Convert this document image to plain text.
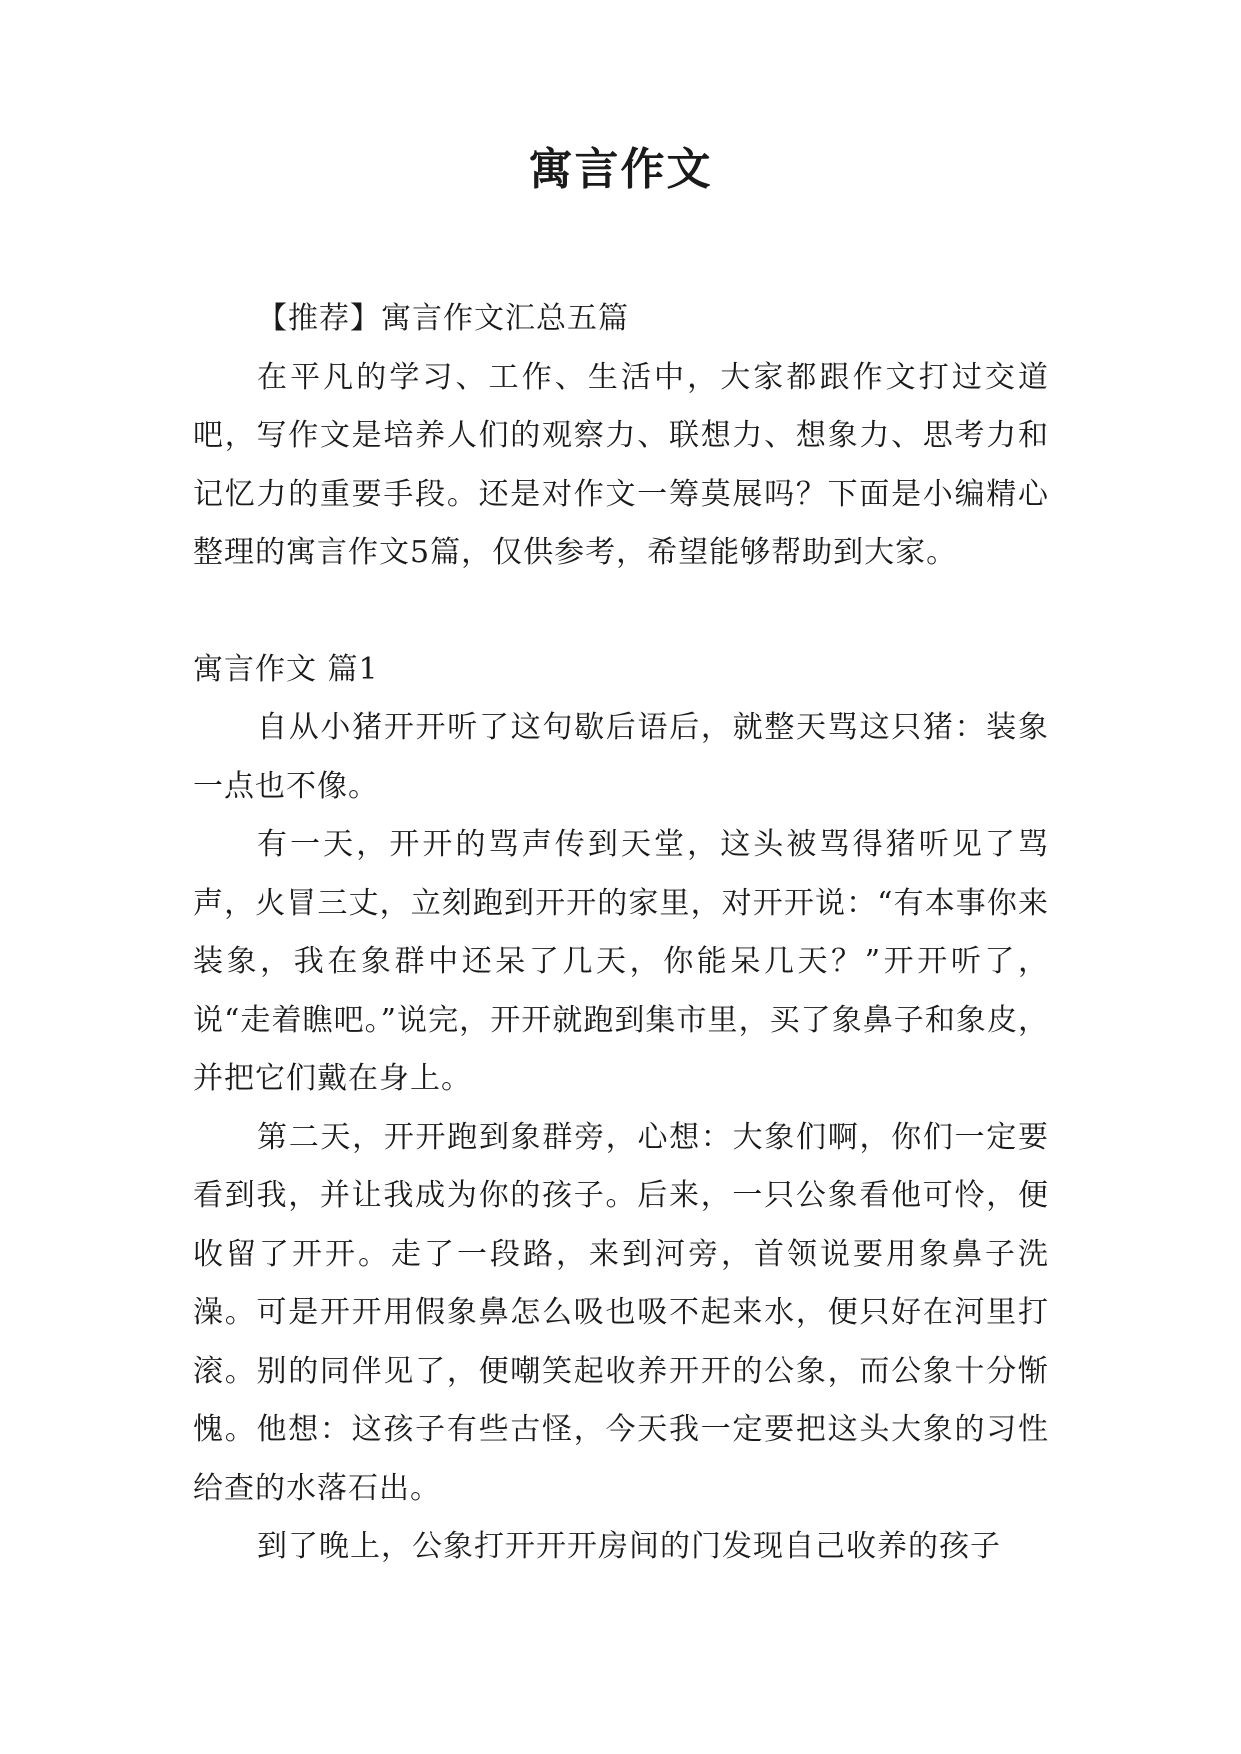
寓言作文

【推荐】寓言作文汇总五篇

在平凡的学习、工作、生活中，大家都跟作文打过交道吧，写作文是培养人们的观察力、联想力、想象力、思考力和记忆力的重要手段。还是对作文一筹莫展吗？下面是小编精心整理的寓言作文5篇，仅供参考，希望能够帮助到大家。

寓言作文 篇1

自从小猪开开听了这句歇后语后，就整天骂这只猪：装象一点也不像。

有一天，开开的骂声传到天堂，这头被骂得猪听见了骂声，火冒三丈，立刻跑到开开的家里，对开开说：“有本事你来装象，我在象群中还呆了几天，你能呆几天？”开开听了，说“走着瞧吧。”说完，开开就跑到集市里，买了象鼻子和象皮，并把它们戴在身上。

第二天，开开跑到象群旁，心想：大象们啊，你们一定要看到我，并让我成为你的孩子。后来，一只公象看他可怜，便收留了开开。走了一段路，来到河旁，首领说要用象鼻子洗澡。可是开开用假象鼻怎么吸也吸不起来水，便只好在河里打滚。别的同伴见了，便嘲笑起收养开开的公象，而公象十分惭愧。他想：这孩子有些古怪，今天我一定要把这头大象的习性给查的水落石出。

到了晚上，公象打开开开房间的门发现自己收养的孩子
